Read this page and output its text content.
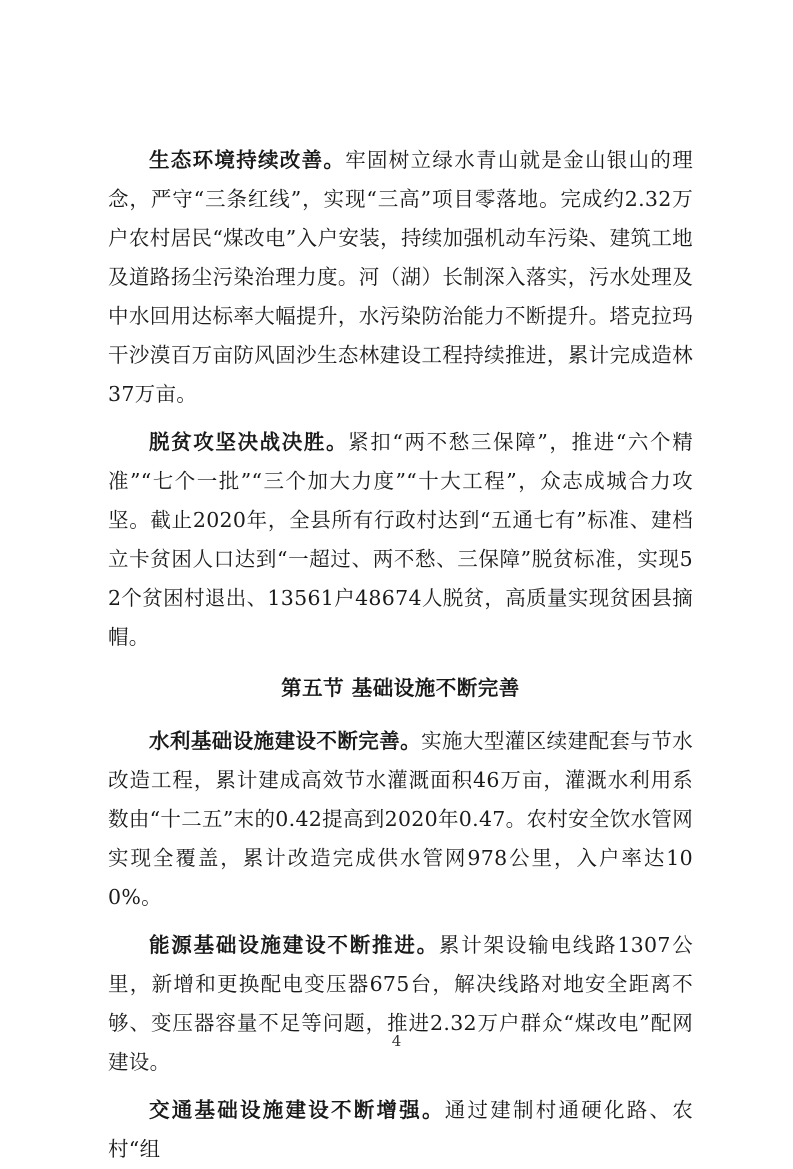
生态环境持续改善。牢固树立绿水青山就是金山银山的理念，严守“三条红线”，实现“三高”项目零落地。完成约2.32万户农村居民“煤改电”入户安装，持续加强机动车污染、建筑工地及道路扬尘污染治理力度。河（湖）长制深入落实，污水处理及中水回用达标率大幅提升，水污染防治能力不断提升。塔克拉玛干沙漠百万亩防风固沙生态林建设工程持续推进，累计完成造林37万亩。

脱贫攻坚决战决胜。紧扣“两不愁三保障”，推进“六个精准”“七个一批”“三个加大力度”“十大工程”，众志成城合力攻坚。截止2020年，全县所有行政村达到“五通七有”标准、建档立卡贫困人口达到“一超过、两不愁、三保障”脱贫标准，实现52个贫困村退出、13561户48674人脱贫，高质量实现贫困县摘帽。

第五节 基础设施不断完善

水利基础设施建设不断完善。实施大型灌区续建配套与节水改造工程，累计建成高效节水灌溉面积46万亩，灌溉水利用系数由“十二五”末的0.42提高到2020年0.47。农村安全饮水管网实现全覆盖，累计改造完成供水管网978公里，入户率达100%。

能源基础设施建设不断推进。累计架设输电线路1307公里，新增和更换配电变压器675台，解决线路对地安全距离不够、变压器容量不足等问题，推进2.32万户群众“煤改电”配网建设。

交通基础设施建设不断增强。通过建制村通硬化路、农村“组

4
